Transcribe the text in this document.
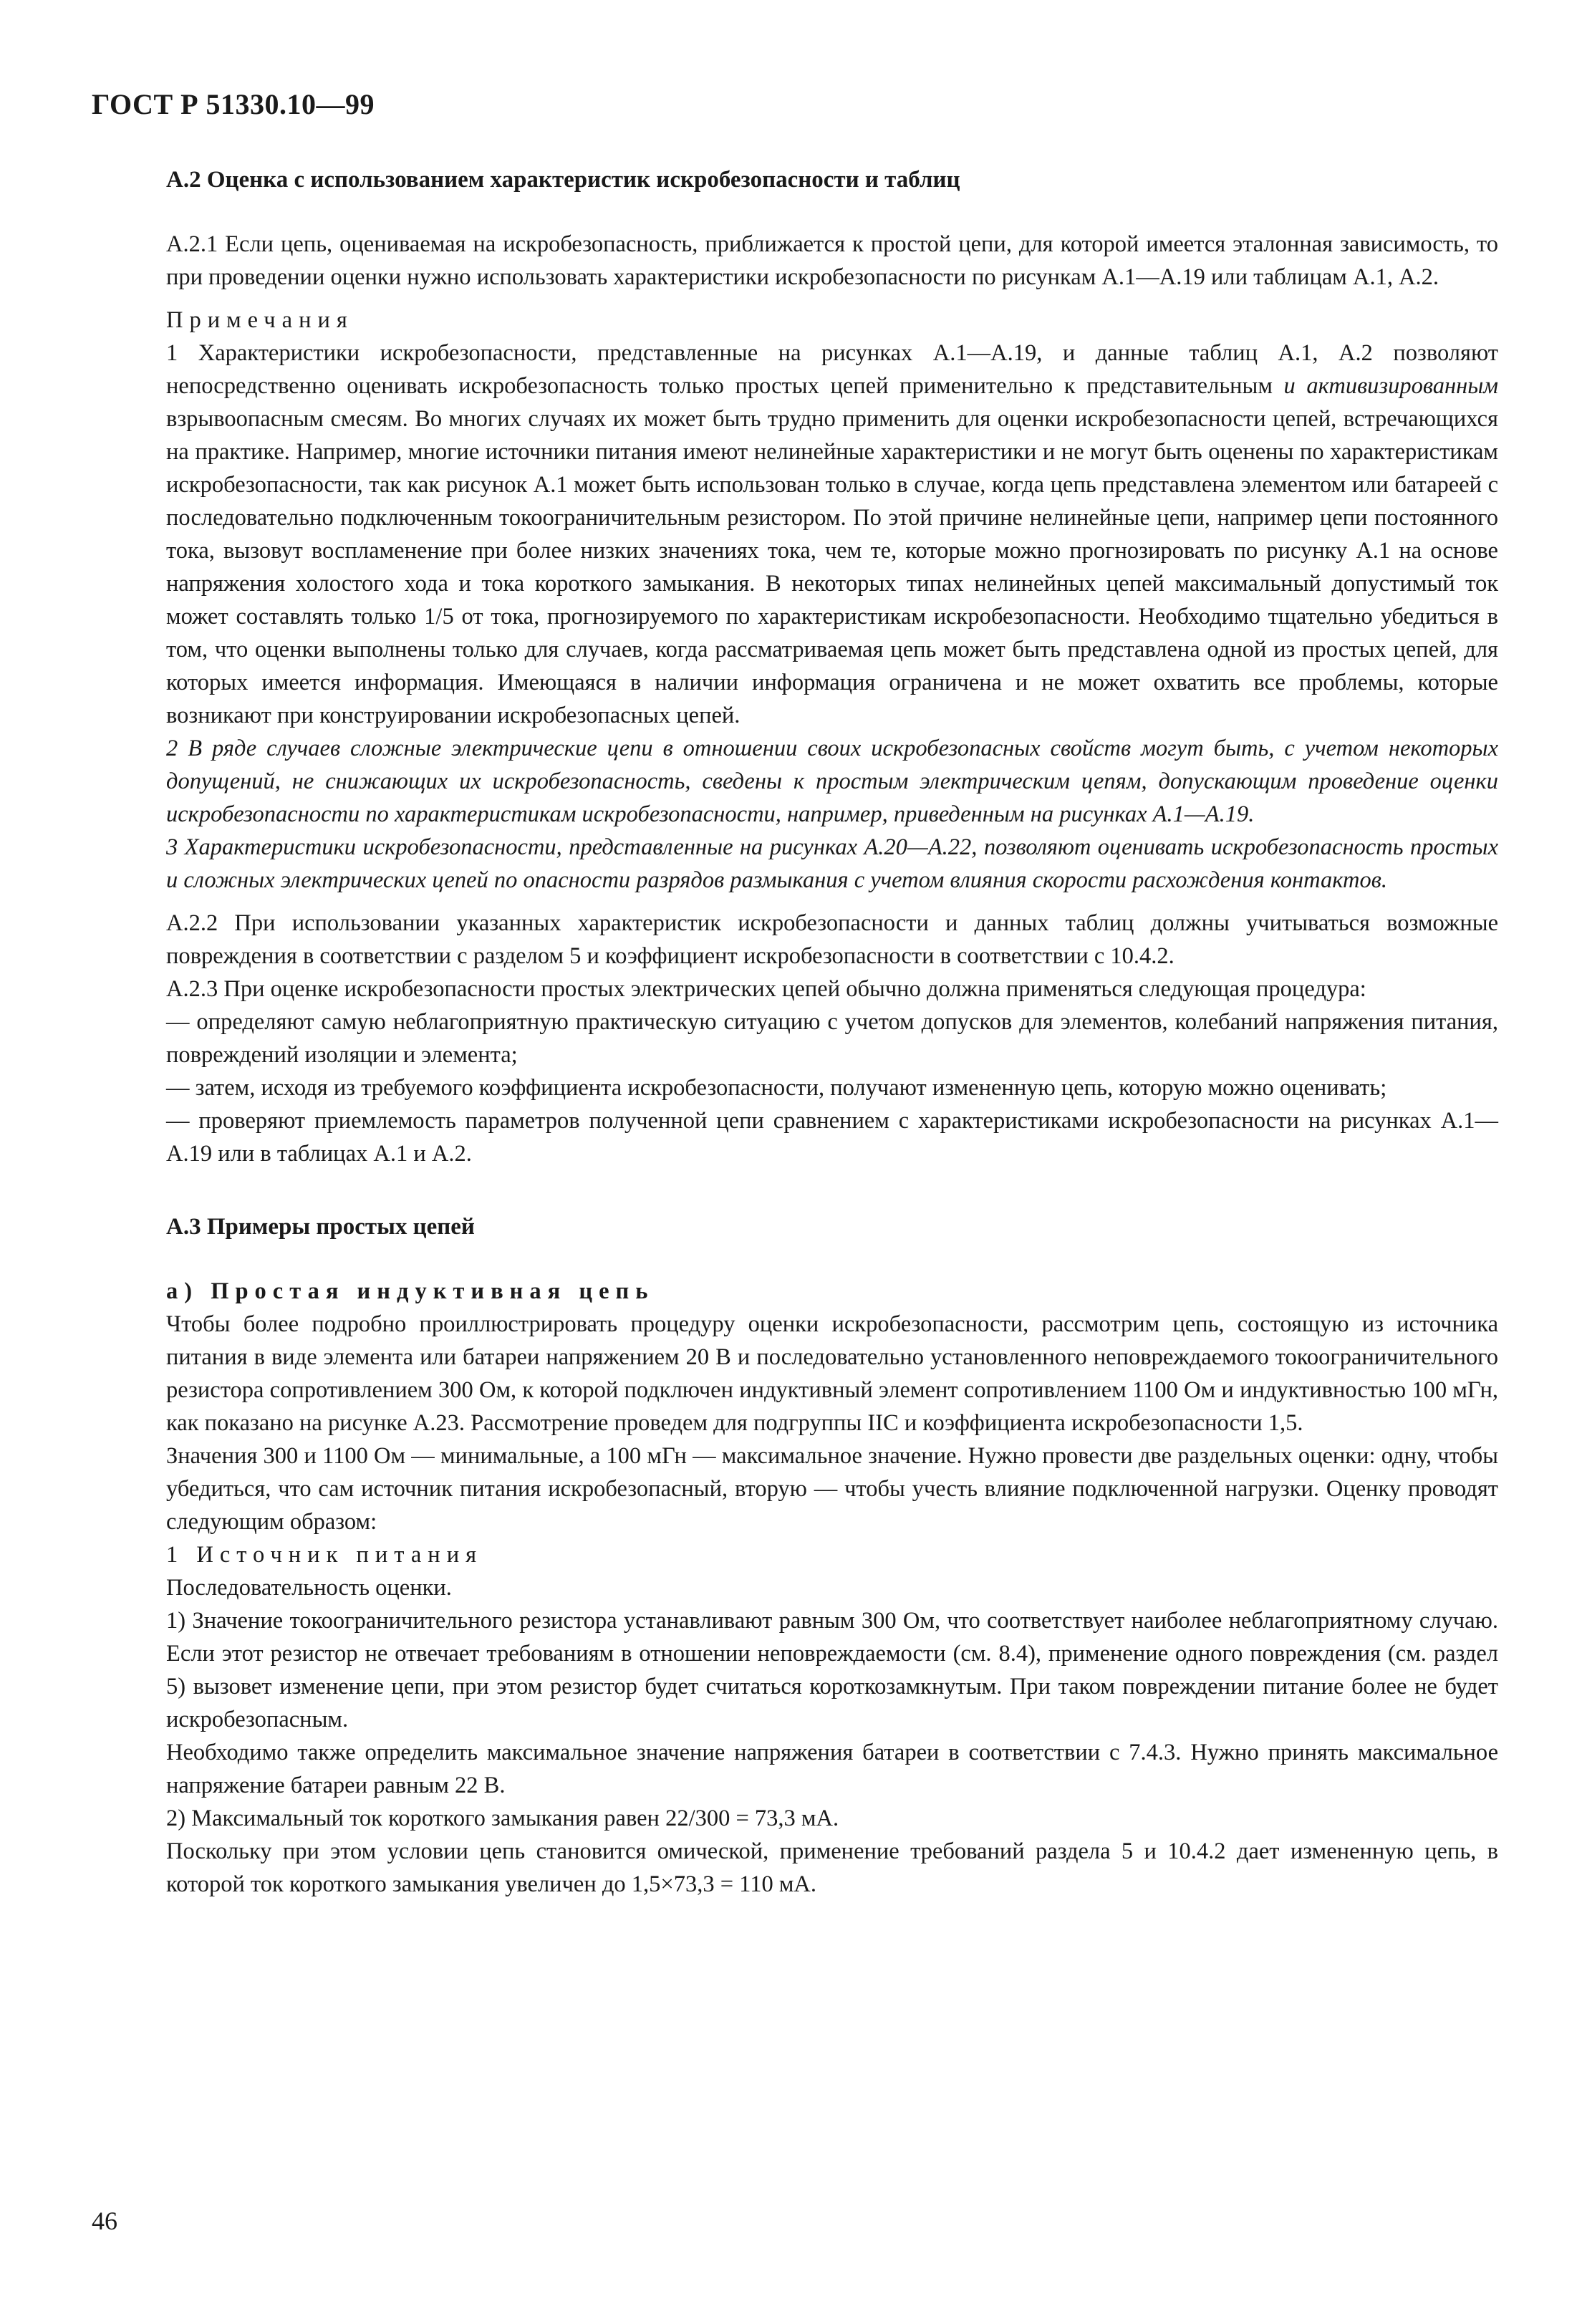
ГОСТ Р 51330.10—99

А.2 Оценка с использованием характеристик искробезопасности и таблиц

А.2.1 Если цепь, оцениваемая на искробезопасность, приближается к простой цепи, для которой имеется эталонная зависимость, то при проведении оценки нужно использовать характеристики искробезопасности по рисункам А.1—А.19 или таблицам А.1, А.2.

Примечания

1 Характеристики искробезопасности, представленные на рисунках А.1—А.19, и данные таблиц А.1, А.2 позволяют непосредственно оценивать искробезопасность только простых цепей применительно к представительным и активизированным взрывоопасным смесям. Во многих случаях их может быть трудно применить для оценки искробезопасности цепей, встречающихся на практике. Например, многие источники питания имеют нелинейные характеристики и не могут быть оценены по характеристикам искробезопасности, так как рисунок А.1 может быть использован только в случае, когда цепь представлена элементом или батареей с последовательно подключенным токоограничительным резистором. По этой причине нелинейные цепи, например цепи постоянного тока, вызовут воспламенение при более низких значениях тока, чем те, которые можно прогнозировать по рисунку А.1 на основе напряжения холостого хода и тока короткого замыкания. В некоторых типах нелинейных цепей максимальный допустимый ток может составлять только 1/5 от тока, прогнозируемого по характеристикам искробезопасности. Необходимо тщательно убедиться в том, что оценки выполнены только для случаев, когда рассматриваемая цепь может быть представлена одной из простых цепей, для которых имеется информация. Имеющаяся в наличии информация ограничена и не может охватить все проблемы, которые возникают при конструировании искробезопасных цепей.

2 В ряде случаев сложные электрические цепи в отношении своих искробезопасных свойств могут быть, с учетом некоторых допущений, не снижающих их искробезопасность, сведены к простым электрическим цепям, допускающим проведение оценки искробезопасности по характеристикам искробезопасности, например, приведенным на рисунках А.1—А.19.

3 Характеристики искробезопасности, представленные на рисунках А.20—А.22, позволяют оценивать искробезопасность простых и сложных электрических цепей по опасности разрядов размыкания с учетом влияния скорости расхождения контактов.

А.2.2 При использовании указанных характеристик искробезопасности и данных таблиц должны учитываться возможные повреждения в соответствии с разделом 5 и коэффициент искробезопасности в соответствии с 10.4.2.

А.2.3 При оценке искробезопасности простых электрических цепей обычно должна применяться следующая процедура:

— определяют самую неблагоприятную практическую ситуацию с учетом допусков для элементов, колебаний напряжения питания, повреждений изоляции и элемента;

— затем, исходя из требуемого коэффициента искробезопасности, получают измененную цепь, которую можно оценивать;

— проверяют приемлемость параметров полученной цепи сравнением с характеристиками искробезопасности на рисунках А.1—А.19 или в таблицах А.1 и А.2.

А.3 Примеры простых цепей

а) Простая индуктивная цепь

Чтобы более подробно проиллюстрировать процедуру оценки искробезопасности, рассмотрим цепь, состоящую из источника питания в виде элемента или батареи напряжением 20 В и последовательно установленного неповреждаемого токоограничительного резистора сопротивлением 300 Ом, к которой подключен индуктивный элемент сопротивлением 1100 Ом и индуктивностью 100 мГн, как показано на рисунке А.23. Рассмотрение проведем для подгруппы IIC и коэффициента искробезопасности 1,5.

Значения 300 и 1100 Ом — минимальные, а 100 мГн — максимальное значение. Нужно провести две раздельных оценки: одну, чтобы убедиться, что сам источник питания искробезопасный, вторую — чтобы учесть влияние подключенной нагрузки. Оценку проводят следующим образом:

1 Источник питания

Последовательность оценки.

1) Значение токоограничительного резистора устанавливают равным 300 Ом, что соответствует наиболее неблагоприятному случаю. Если этот резистор не отвечает требованиям в отношении неповреждаемости (см. 8.4), применение одного повреждения (см. раздел 5) вызовет изменение цепи, при этом резистор будет считаться короткозамкнутым. При таком повреждении питание более не будет искробезопасным.

Необходимо также определить максимальное значение напряжения батареи в соответствии с 7.4.3. Нужно принять максимальное напряжение батареи равным 22 В.

2) Максимальный ток короткого замыкания равен 22/300 = 73,3 мА.

Поскольку при этом условии цепь становится омической, применение требований раздела 5 и 10.4.2 дает измененную цепь, в которой ток короткого замыкания увеличен до 1,5×73,3 = 110 мА.

46
